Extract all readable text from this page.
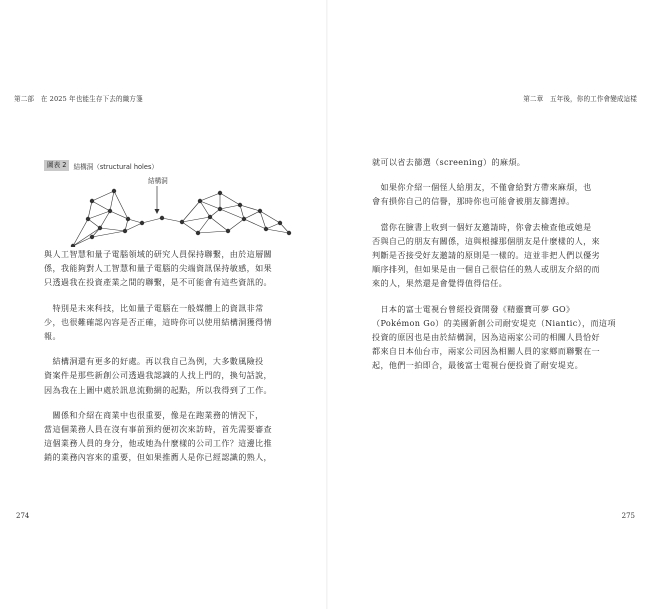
第二部　在 2025 年也能生存下去的織方箋
圖表 2	結構洞（structural holes）
結構洞

與人工智慧和量子電腦領域的研究人員保持聯繫，由於這層關

係，我能夠對人工智慧和量子電腦的尖端資訊保持敏感，如果

只透過我在投資產業之間的聯繫，是不可能會有這些資訊的。

　特別是未來科技，比如量子電腦在一般媒體上的資訊非常

少，也很難確認內容是否正確，這時你可以使用結構洞獲得情

報。

　結構洞還有更多的好處。再以我自己為例，大多數風險投

資案件是那些新創公司透過我認識的人找上門的，換句話說，

因為我在上圖中處於訊息流動網的起點，所以我得到了工作。

　關係和介紹在商業中也很重要，像是在跑業務的情況下，

當這個業務人員在沒有事前預約便初次來訪時，首先需要審查

這個業務人員的身分，他或她為什麼樣的公司工作？這邊比推

銷的業務內容來的重要，但如果推薦人是你已經認識的熟人，

274
第二章　五年後，你的工作會變成這樣

就可以省去篩選（screening）的麻煩。

　如果你介紹一個怪人給朋友，不僅會給對方帶來麻煩，也

會有損你自己的信譽，那時你也可能會被朋友篩選掉。

　當你在臉書上收到一個好友邀請時，你會去檢查他或她是

否與自己的朋友有關係，這與根據那個朋友是什麼樣的人，來

判斷是否接受好友邀請的原則是一樣的。這並非把人們以優劣

順序排列，但如果是由一個自己很信任的熟人或朋友介紹的而

來的人，果然還是會覺得值得信任。

　日本的富士電視台曾經投資開發《精靈寶可夢 GO》

（Pokémon Go）的美國新創公司耐安堤克（Niantic），而這項

投資的原因也是由於結構洞，因為這兩家公司的相關人員恰好

都來自日本仙台市，兩家公司因為相關人員的家鄉而聯繫在一

起，他們一拍即合，最後富士電視台便投資了耐安堤克。

275
